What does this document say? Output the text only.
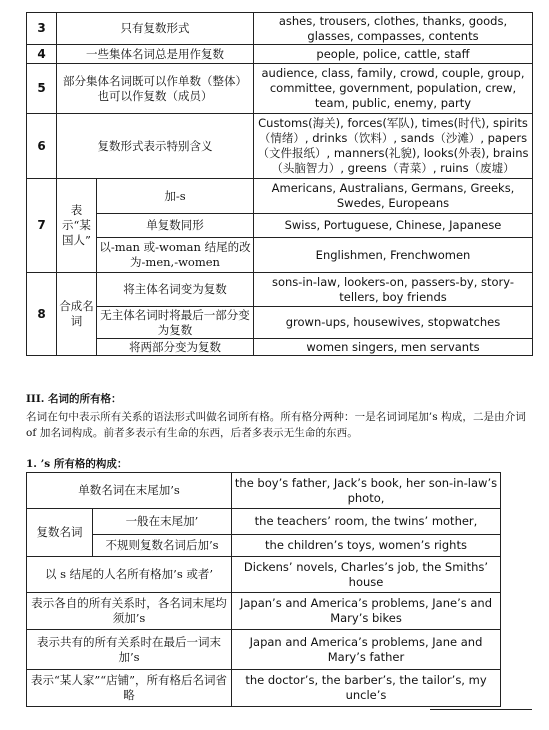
3	只有复数形式		ashes, trousers, clothes, thanks, goods, glasses, compasses, contents
4	一些集体名词总是用作复数		people, police, cattle, staff
5	部分集体名词既可以作单数（整体）也可以作复数（成员）		audience, class, family, crowd, couple, group, committee, government, population, crew, team, public, enemy, party
6	复数形式表示特别含义		Customs(海关), forces(军队), times(时代), spirits（情绪）, drinks（饮料）, sands（沙滩）, papers（文件报纸）, manners(礼貌), looks(外表), brains（头脑智力）, greens（青菜）, ruins（废墟）
7	表示“某国人”	加-s	Americans, Australians, Germans, Greeks, Swedes, Europeans
		单复数同形	Swiss, Portuguese, Chinese, Japanese
		以-man 或-woman 结尾的改为-men,-women	Englishmen, Frenchwomen
8	合成名词	将主体名词变为复数	sons-in-law, lookers-on, passers-by, story-tellers, boy friends
		无主体名词时将最后一部分变为复数	grown-ups, housewives, stopwatches
		将两部分变为复数	women singers, men servants
III. 名词的所有格：
名词在句中表示所有关系的语法形式叫做名词所有格。所有格分两种：一是名词词尾加’s 构成，二是由介词 of 加名词构成。前者多表示有生命的东西，后者多表示无生命的东西。
1. ’s 所有格的构成：
单数名词在末尾加’s		the boy’s father, Jack’s book, her son-in-law’s photo,
复数名词	一般在末尾加’	the teachers’ room, the twins’ mother,
	不规则复数名词后加’s	the children’s toys, women’s rights
以 s 结尾的人名所有格加’s 或者’		Dickens’ novels, Charles’s job, the Smiths’ house
表示各自的所有关系时，各名词末尾均须加’s		Japan’s and America’s problems, Jane’s and Mary’s bikes
表示共有的所有关系时在最后一词末加’s		Japan and America’s problems, Jane and Mary’s father
表示“某人家”“店铺”，所有格后名词省略		the doctor’s, the barber’s, the tailor’s, my uncle’s
